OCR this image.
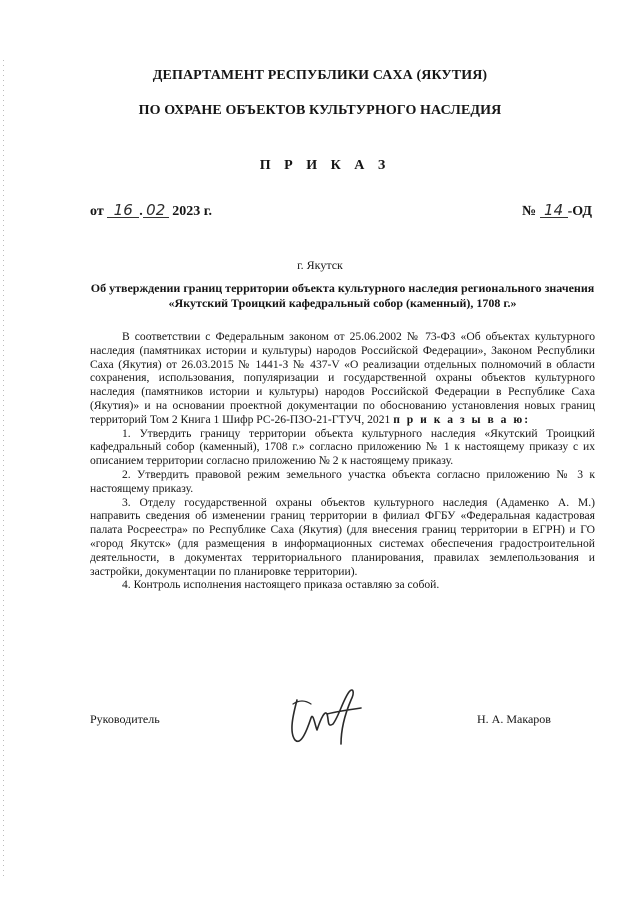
ДЕПАРТАМЕНТ РЕСПУБЛИКИ САХА (ЯКУТИЯ)
ПО ОХРАНЕ ОБЪЕКТОВ КУЛЬТУРНОГО НАСЛЕДИЯ
П Р И К А З
от 16 . 02 2023 г.	№ 14 -ОД
г. Якутск
Об утверждении границ территории объекта культурного наследия регионального значения «Якутский Троицкий кафедральный собор (каменный), 1708 г.»

В соответствии с Федеральным законом от 25.06.2002 № 73-ФЗ «Об объектах культурного наследия (памятниках истории и культуры) народов Российской Федерации», Законом Республики Саха (Якутия) от 26.03.2015 № 1441-З № 437-V «О реализации отдельных полномочий в области сохранения, использования, популяризации и государственной охраны объектов культурного наследия (памятников истории и культуры) народов Российской Федерации в Республике Саха (Якутия)» и на основании проектной документации по обоснованию установления новых границ территорий Том 2 Книга 1 Шифр РС-26-ПЗО-21-ГТУЧ, 2021 п р и к а з ы в а ю:

1. Утвердить границу территории объекта культурного наследия «Якутский Троицкий кафедральный собор (каменный), 1708 г.» согласно приложению № 1 к настоящему приказу с их описанием территории согласно приложению № 2 к настоящему приказу.

2. Утвердить правовой режим земельного участка объекта согласно приложению № 3 к настоящему приказу.

3. Отделу государственной охраны объектов культурного наследия (Адаменко А. М.) направить сведения об изменении границ территории в филиал ФГБУ «Федеральная кадастровая палата Росреестра» по Республике Саха (Якутия) (для внесения границ территории в ЕГРН) и ГО «город Якутск» (для размещения в информационных системах обеспечения градостроительной деятельности, в документах территориального планирования, правилах землепользования и застройки, документации по планировке территории).

4. Контроль исполнения настоящего приказа оставляю за собой.

Руководитель	Н. А. Макаров
